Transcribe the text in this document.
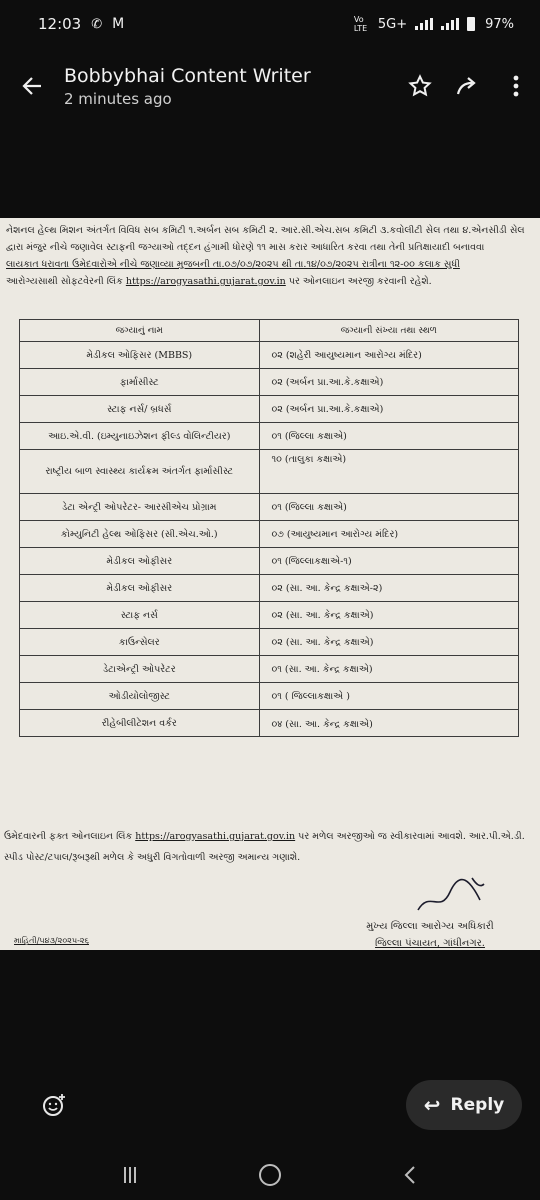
12:03 ✆ M	Vo LTE 5G+	97%
Bobbybhai Content Writer
2 minutes ago

નેશનલ હેલ્થ મિશન અંતર્ગત વિવિધ સબ કમિટી ૧.અર્બન સબ કમિટી ૨. આર.સી.એચ.સબ કમિટી ૩.કવોલીટી સેલ તથા ૪.એનસીડી સેલ

દ્વારા મંજુર નીચે જણાવેલ સ્ટાફની જગ્યાઓ તદ્દન હંગામી ધોરણે ૧૧ માસ કરાર આધારિત કરવા તથા તેની પ્રતિક્ષાયાદી બનાવવા

લાયકાત ધરાવતા ઉમેદવારોએ નીચે જણાવ્યા મુજબની તા.૦૭/૦૭/૨૦૨૫ થી તા.૧૪/૦૭/૨૦૨૫ રાત્રીના ૧૨-૦૦ કલાક સુધી

આરોગ્યસાથી સોફટવેરની લિંક https://arogyasathi.gujarat.gov.in પર ઓનલાઇન અરજી કરવાની રહેશે.

જગ્યાનું નામ	જગ્યાની સંખ્યા તથા સ્થળ
મેડીકલ ઓફિસર (MBBS)	૦૨ (શહેરી આયુષ્યમાન આરોગ્ય મંદિર)
ફાર્માસીસ્ટ	૦૨ (અર્બન પ્રા.આ.કે.કક્ષાએ)
સ્ટાફ નર્સ/ બ્રધર્સ	૦૨ (અર્બન પ્રા.આ.કે.કક્ષાએ)
આઇ.એ.વી. (ઇમ્યુનાઇઝેશન ફીલ્ડ વોલિન્ટીયર)	૦૧ (જિલ્લા કક્ષાએ)
રાષ્ટ્રીય બાળ સ્વાસ્થ્ય કાર્યક્રમ અંતર્ગત ફાર્માસીસ્ટ	૧૦ (તાલુકા કક્ષાએ)
ડેટા એન્ટ્રી ઓપરેટર- આરસીએચ પ્રોગ્રામ	૦૧ (જિલ્લા કક્ષાએ)
કોમ્યુનિટી હેલ્થ ઓફિસર (સી.એચ.ઓ.)	૦૭ (આયુષ્યમાન આરોગ્ય મંદિર)
મેડીકલ ઓફીસર	૦૧ (જિલ્લાકક્ષાએ-૧)
મેડીકલ ઓફીસર	૦૨ (સા. આ. કેન્દ્ર કક્ષાએ-૨)
સ્ટાફ નર્સ	૦૨ (સા. આ. કેન્દ્ર કક્ષાએ)
કાઉન્સેલર	૦૨ (સા. આ. કેન્દ્ર કક્ષાએ)
ડેટાએન્ટ્રી ઓપરેટર	૦૧ (સા. આ. કેન્દ્ર કક્ષાએ)
ઓડીયોલોજીસ્ટ	૦૧ ( જિલ્લાકક્ષાએ )
રીહેબીલીટેશન વર્કર	૦४ (સા. આ. કેન્દ્ર કક્ષાએ)

ઉમેદવારની ફક્ત ઓનલાઇન લિંક https://arogyasathi.gujarat.gov.in પર મળેલ અરજીઓ જ સ્વીકારવામાં આવશે. આર.પી.એ.ડી.

સ્પીડ પોસ્ટ/ટપાલ/રૂબરૂથી મળેલ કે અધુરી વિગતોવાળી અરજી અમાન્ય ગણાશે.

મુખ્ય જિલ્લા આરોગ્ય અધિકારી
જિલ્લા પંચાયત, ગાંધીનગર.
માહિતી/૫૪૩/૨૦૨૫-૨૬
↩ Reply
